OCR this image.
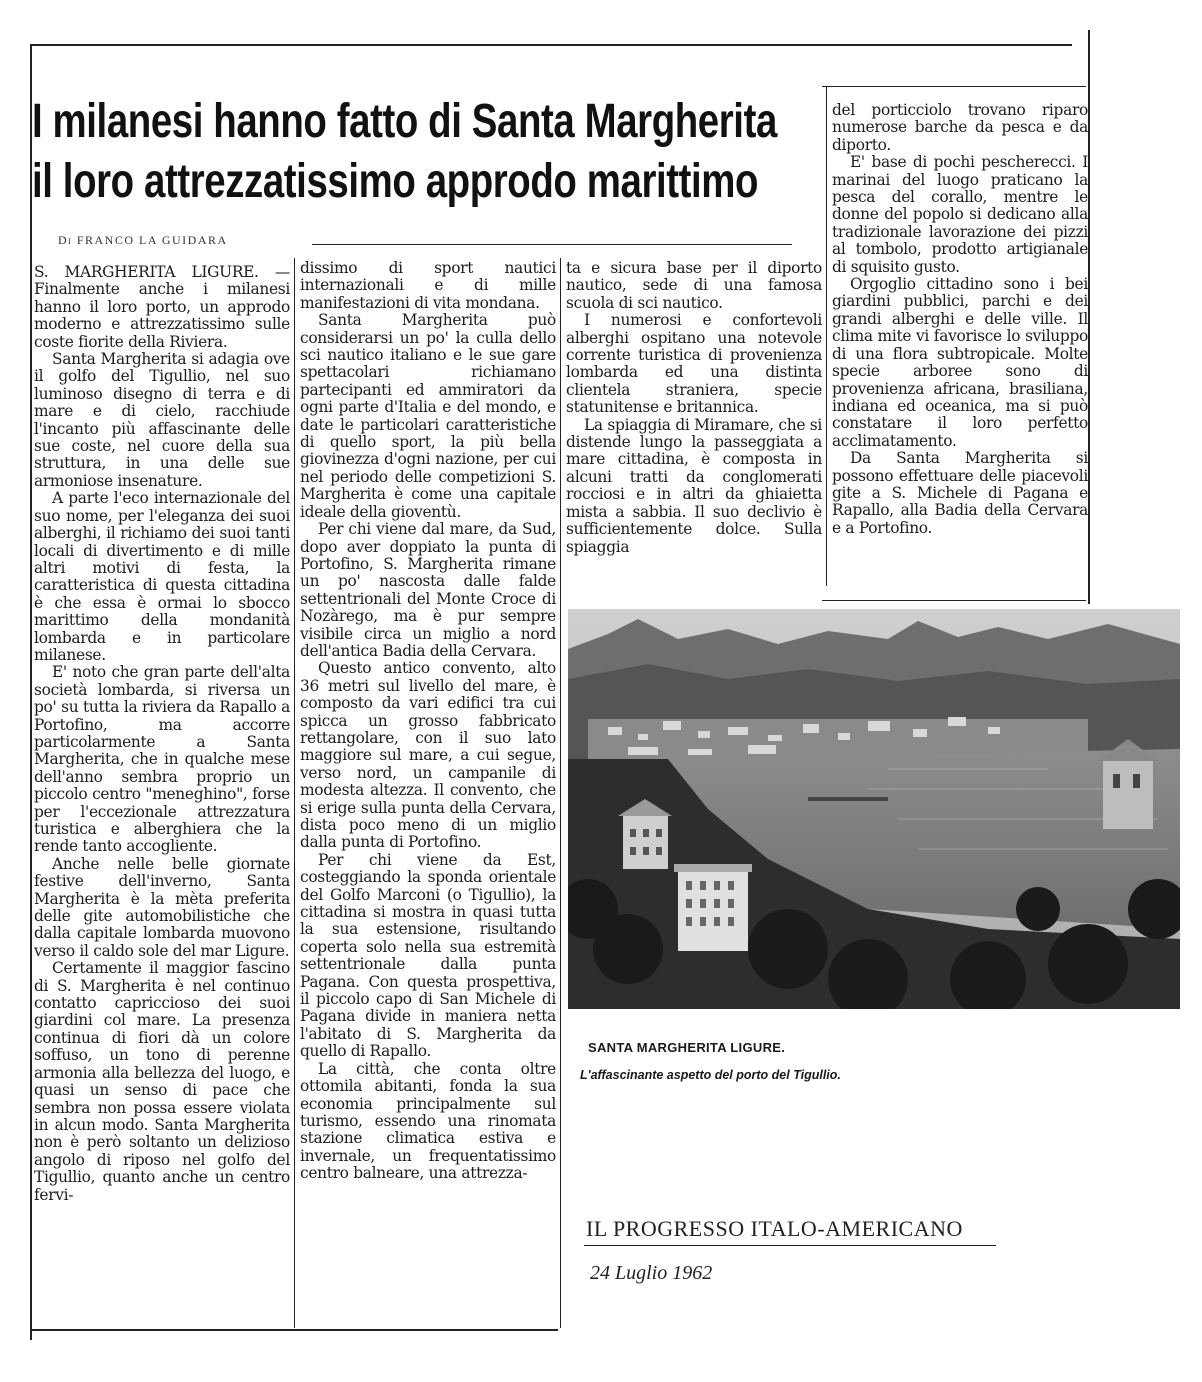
I milanesi hanno fatto di Santa Margherita
il loro attrezzatissimo approdo marittimo
Di FRANCO LA GUIDARA

S. MARGHERITA LIGURE. — Finalmente anche i milanesi hanno il loro porto, un approdo moderno e attrezzatissimo sulle coste fiorite della Riviera.

Santa Margherita si adagia ove il golfo del Tigullio, nel suo luminoso disegno di terra e di mare e di cielo, racchiude l'incanto più affascinante delle sue coste, nel cuore della sua struttura, in una delle sue armoniose insenature.

A parte l'eco internazionale del suo nome, per l'eleganza dei suoi alberghi, il richiamo dei suoi tanti locali di divertimento e di mille altri motivi di festa, la caratteristica di questa cittadina è che essa è ormai lo sbocco marittimo della mondanità lombarda e in particolare milanese.

E' noto che gran parte dell'alta società lombarda, si riversa un po' su tutta la riviera da Rapallo a Portofino, ma accorre particolarmente a Santa Margherita, che in qualche mese dell'anno sembra proprio un piccolo centro "meneghino", forse per l'eccezionale attrezzatura turistica e alberghiera che la rende tanto accogliente.

Anche nelle belle giornate festive dell'inverno, Santa Margherita è la mèta preferita delle gite automobilistiche che dalla capitale lombarda muovono verso il caldo sole del mar Ligure.

Certamente il maggior fascino di S. Margherita è nel continuo contatto capriccioso dei suoi giardini col mare. La presenza continua di fiori dà un colore soffuso, un tono di perenne armonia alla bellezza del luogo, e quasi un senso di pace che sembra non possa essere violata in alcun modo. Santa Margherita non è però soltanto un delizioso angolo di riposo nel golfo del Tigullio, quanto anche un centro fervi-

dissimo di sport nautici internazionali e di mille manifestazioni di vita mondana.

Santa Margherita può considerarsi un po' la culla dello sci nautico italiano e le sue gare spettacolari richiamano partecipanti ed ammiratori da ogni parte d'Italia e del mondo, e date le particolari caratteristiche di quello sport, la più bella giovinezza d'ogni nazione, per cui nel periodo delle competizioni S. Margherita è come una capitale ideale della gioventù.

Per chi viene dal mare, da Sud, dopo aver doppiato la punta di Portofino, S. Margherita rimane un po' nascosta dalle falde settentrionali del Monte Croce di Nozàrego, ma è pur sempre visibile circa un miglio a nord dell'antica Badia della Cervara.

Questo antico convento, alto 36 metri sul livello del mare, è composto da vari edifici tra cui spicca un grosso fabbricato rettangolare, con il suo lato maggiore sul mare, a cui segue, verso nord, un campanile di modesta altezza. Il convento, che si erige sulla punta della Cervara, dista poco meno di un miglio dalla punta di Portofino.

Per chi viene da Est, costeggiando la sponda orientale del Golfo Marconi (o Tigullio), la cittadina si mostra in quasi tutta la sua estensione, risultando coperta solo nella sua estremità settentrionale dalla punta Pagana. Con questa prospettiva, il piccolo capo di San Michele di Pagana divide in maniera netta l'abitato di S. Margherita da quello di Rapallo.

La città, che conta oltre ottomila abitanti, fonda la sua economia principalmente sul turismo, essendo una rinomata stazione climatica estiva e invernale, un frequentatissimo centro balneare, una attrezza-

ta e sicura base per il diporto nautico, sede di una famosa scuola di sci nautico.

I numerosi e confortevoli alberghi ospitano una notevole corrente turistica di provenienza lombarda ed una distinta clientela straniera, specie statunitense e britannica.

La spiaggia di Miramare, che si distende lungo la passeggiata a mare cittadina, è composta in alcuni tratti da conglomerati rocciosi e in altri da ghiaietta mista a sabbia. Il suo declivio è sufficientemente dolce. Sulla spiaggia

del porticciolo trovano riparo numerose barche da pesca e da diporto.

E' base di pochi pescherecci. I marinai del luogo praticano la pesca del corallo, mentre le donne del popolo si dedicano alla tradizionale lavorazione dei pizzi al tombolo, prodotto artigianale di squisito gusto.

Orgoglio cittadino sono i bei giardini pubblici, parchi e dei grandi alberghi e delle ville. Il clima mite vi favorisce lo sviluppo di una flora subtropicale. Molte specie arboree sono di provenienza africana, brasiliana, indiana ed oceanica, ma si può constatare il loro perfetto acclimatamento.

Da Santa Margherita si possono effettuare delle piacevoli gite a S. Michele di Pagana e Rapallo, alla Badia della Cervara e a Portofino.

SANTA MARGHERITA LIGURE.
L'affascinante aspetto del porto del Tigullio.
IL PROGRESSO ITALO-AMERICANO
24 Luglio 1962
